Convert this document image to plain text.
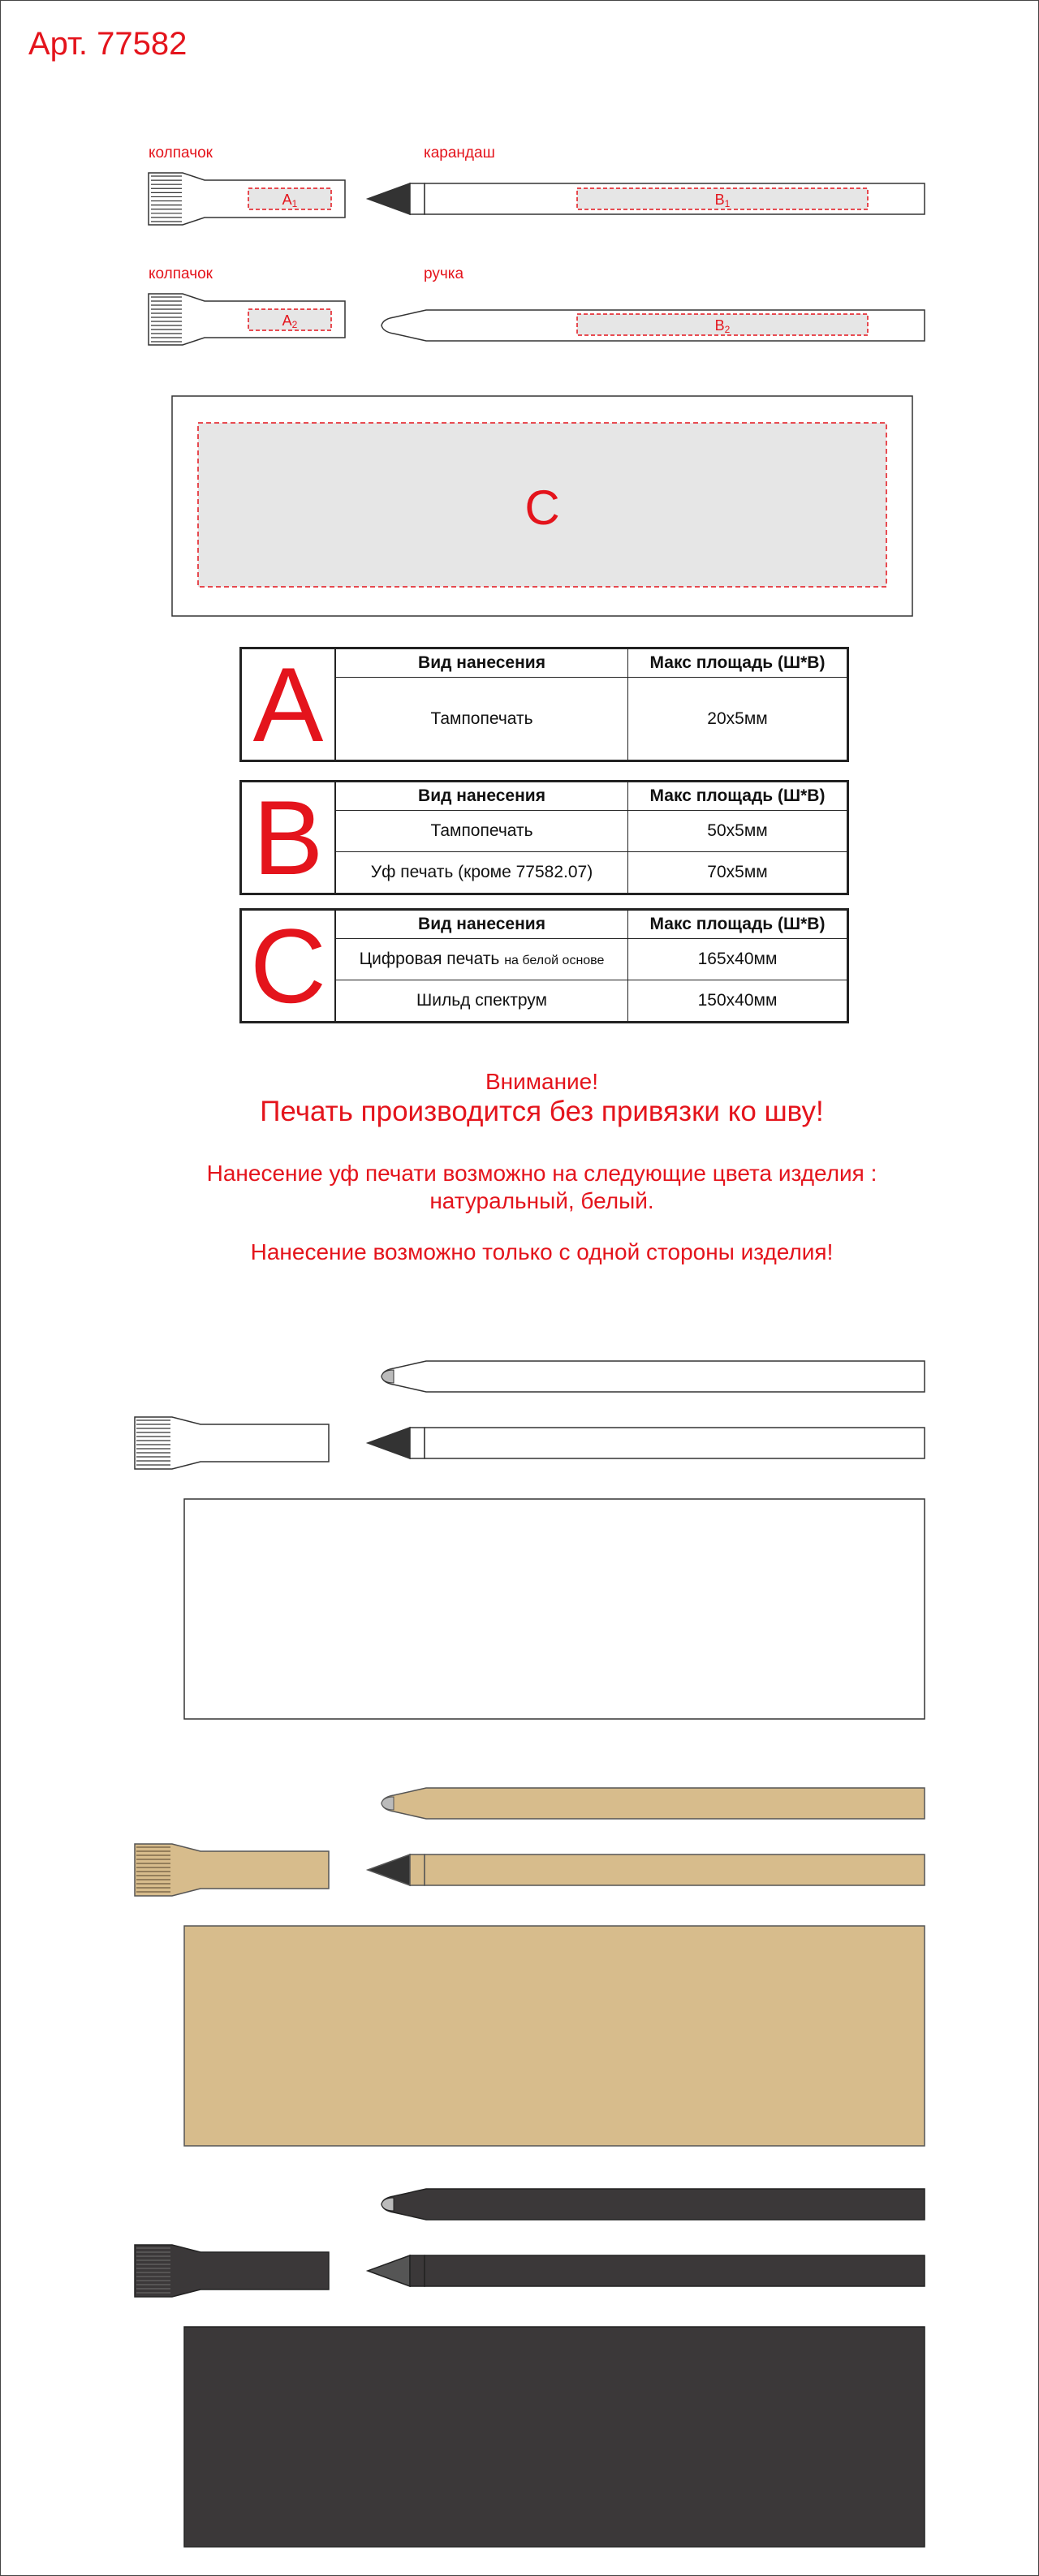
Арт. 77582
колпачок	карандаш
колпачок	ручка
A1	B1
A2	B2
C
A	Вид нанесения	Макс площадь (Ш*В)
Тампопечать	20x5мм
B	Вид нанесения	Макс площадь (Ш*В)
Тампопечать	50x5мм
Уф печать (кроме 77582.07)	70x5мм
C	Вид нанесения	Макс площадь (Ш*В)
Цифровая печать на белой основе	165x40мм
Шильд спектрум	150x40мм
Внимание!
Печать производится без привязки ко шву!
Нанесение уф печати возможно на следующие цвета изделия :
натуральный, белый.
Нанесение возможно только с одной стороны изделия!
